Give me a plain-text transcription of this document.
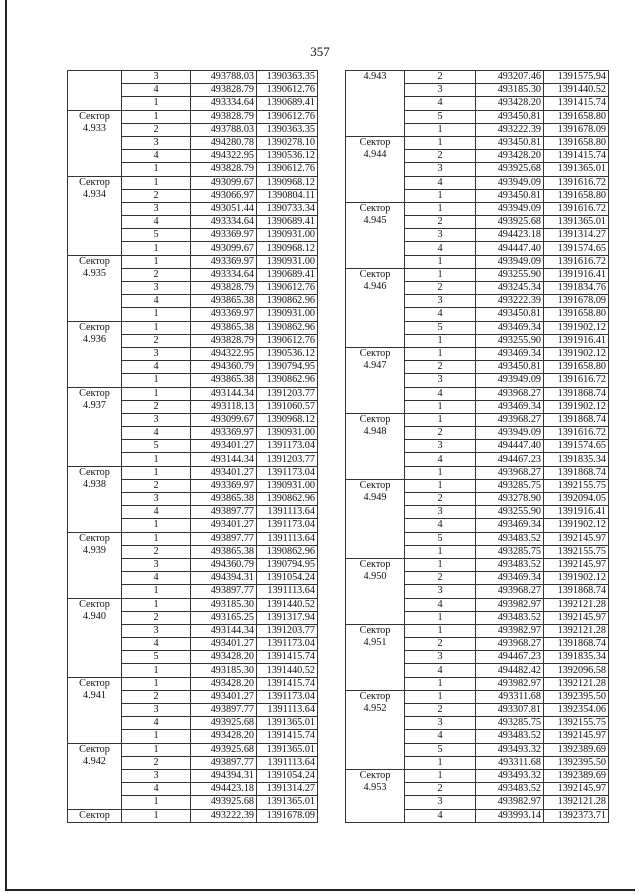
357
	3	493788.03	1390363.35
	4	493828.79	1390612.76
	1	493334.64	1390689.41

Сектор
4.933	1	493828.79	1390612.76
	2	493788.03	1390363.35
	3	494280.78	1390278.10
	4	494322.95	1390536.12
	1	493828.79	1390612.76

Сектор
4.934	1	493099.67	1390968.12
	2	493066.97	1390804.11
	3	493051.44	1390733.34
	4	493334.64	1390689.41
	5	493369.97	1390931.00
	1	493099.67	1390968.12

Сектор
4.935	1	493369.97	1390931.00
	2	493334.64	1390689.41
	3	493828.79	1390612.76
	4	493865.38	1390862.96
	1	493369.97	1390931.00

Сектор
4.936	1	493865.38	1390862.96
	2	493828.79	1390612.76
	3	494322.95	1390536.12
	4	494360.79	1390794.95
	1	493865.38	1390862.96

Сектор
4.937	1	493144.34	1391203.77
	2	493118.13	1391060.57
	3	493099.67	1390968.12
	4	493369.97	1390931.00
	5	493401.27	1391173.04
	1	493144.34	1391203.77

Сектор
4.938	1	493401.27	1391173.04
	2	493369.97	1390931.00
	3	493865.38	1390862.96
	4	493897.77	1391113.64
	1	493401.27	1391173.04

Сектор
4.939	1	493897.77	1391113.64
	2	493865.38	1390862.96
	3	494360.79	1390794.95
	4	494394.31	1391054.24
	1	493897.77	1391113.64

Сектор
4.940	1	493185.30	1391440.52
	2	493165.25	1391317.94
	3	493144.34	1391203.77
	4	493401.27	1391173.04
	5	493428.20	1391415.74
	1	493185.30	1391440.52

Сектор
4.941	1	493428.20	1391415.74
	2	493401.27	1391173.04
	3	493897.77	1391113.64
	4	493925.68	1391365.01
	1	493428.20	1391415.74

Сектор
4.942	1	493925.68	1391365.01
	2	493897.77	1391113.64
	3	494394.31	1391054.24
	4	494423.18	1391314.27
	1	493925.68	1391365.01

Сектор	1	493222.39	1391678.09
4.943	2	493207.46	1391575.94
	3	493185.30	1391440.52
	4	493428.20	1391415.74
	5	493450.81	1391658.80
	1	493222.39	1391678.09

Сектор
4.944	1	493450.81	1391658.80
	2	493428.20	1391415.74
	3	493925.68	1391365.01
	4	493949.09	1391616.72
	1	493450.81	1391658.80

Сектор
4.945	1	493949.09	1391616.72
	2	493925.68	1391365.01
	3	494423.18	1391314.27
	4	494447.40	1391574.65
	1	493949.09	1391616.72

Сектор
4.946	1	493255.90	1391916.41
	2	493245.34	1391834.76
	3	493222.39	1391678.09
	4	493450.81	1391658.80
	5	493469.34	1391902.12
	1	493255.90	1391916.41

Сектор
4.947	1	493469.34	1391902.12
	2	493450.81	1391658.80
	3	493949.09	1391616.72
	4	493968.27	1391868.74
	1	493469.34	1391902.12

Сектор
4.948	1	493968.27	1391868.74
	2	493949.09	1391616.72
	3	494447.40	1391574.65
	4	494467.23	1391835.34
	1	493968.27	1391868.74

Сектор
4.949	1	493285.75	1392155.75
	2	493278.90	1392094.05
	3	493255.90	1391916.41
	4	493469.34	1391902.12
	5	493483.52	1392145.97
	1	493285.75	1392155.75

Сектор
4.950	1	493483.52	1392145.97
	2	493469.34	1391902.12
	3	493968.27	1391868.74
	4	493982.97	1392121.28
	1	493483.52	1392145.97

Сектор
4.951	1	493982.97	1392121.28
	2	493968.27	1391868.74
	3	494467.23	1391835.34
	4	494482.42	1392096.58
	1	493982.97	1392121.28

Сектор
4.952	1	493311.68	1392395.50
	2	493307.81	1392354.06
	3	493285.75	1392155.75
	4	493483.52	1392145.97
	5	493493.32	1392389.69
	1	493311.68	1392395.50

Сектор
4.953	1	493493.32	1392389.69
	2	493483.52	1392145.97
	3	493982.97	1392121.28
	4	493993.14	1392373.71
